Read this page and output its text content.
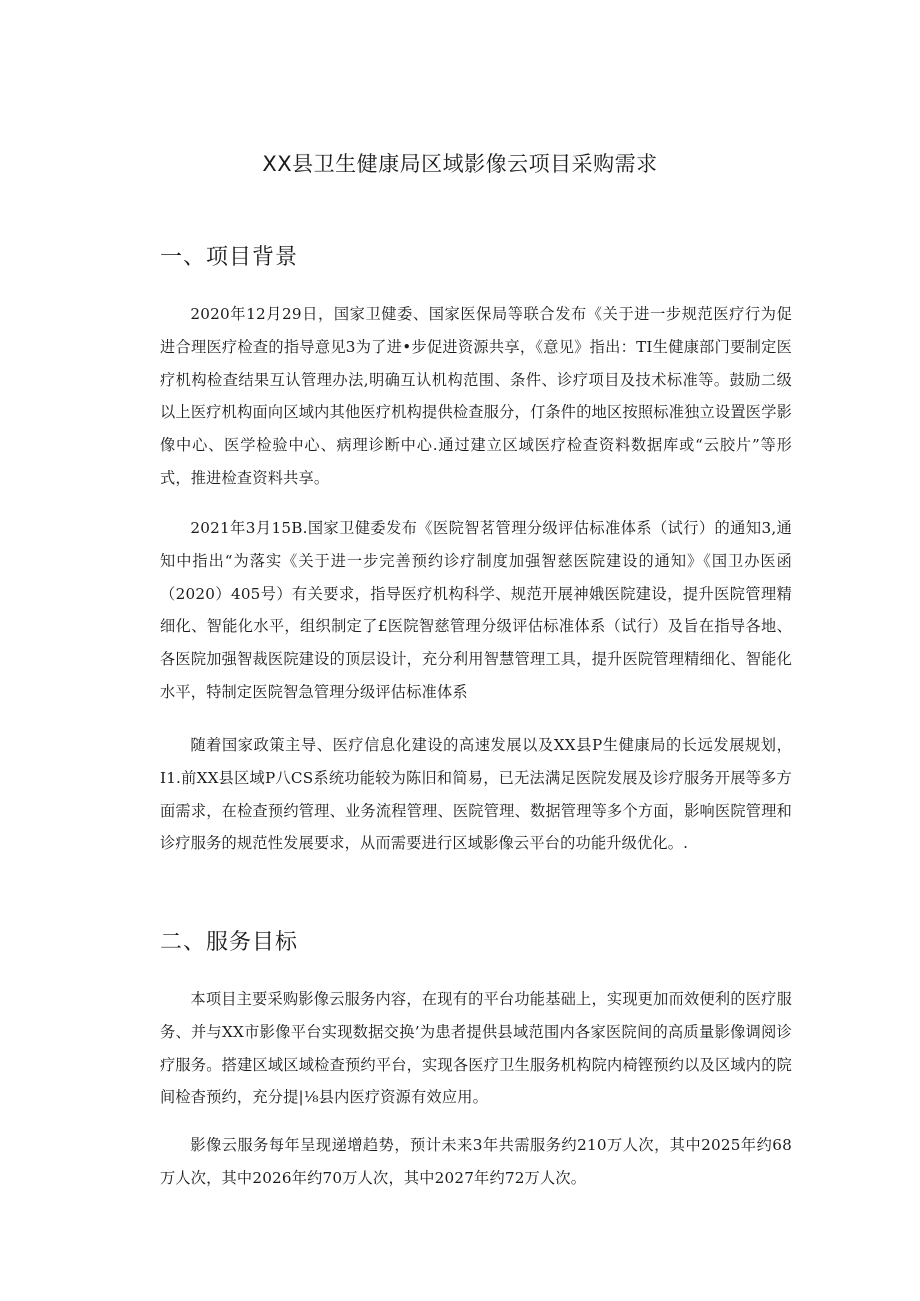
XX县卫生健康局区域影像云项目采购需求
一、项目背景

2020年12月29日，国家卫健委、国家医保局等联合发布《关于进一步规范医疗行为促进合理医疗检查的指导意见3为了进•步促进资源共享，《意见》指出：TI生健康部门要制定医疗机构检查结果互认管理办法,明确互认机构范围、条件、诊疗项目及技术标准等。鼓励二级以上医疗机构面向区域内其他医疗机构提供检查服分，仃条件的地区按照标准独立设置医学影像中心、医学检验中心、病理诊断中心.通过建立区域医疗检查资料数据库或“云胶片”等形式，推进检查资料共享。

2021年3月15B.国家卫健委发布《医院智茗管理分级评估标准体系（试行）的通知3,通知中指出“为落实《关于进一步完善预约诊疗制度加强智慈医院建设的通知》《国卫办医函（2020）405号）有关要求，指导医疗机构科学、规范开展神娥医院建设，提升医院管理精细化、智能化水平，组织制定了£医院智慈管理分级评估标准体系（试行）及旨在指导各地、各医院加强智裁医院建设的顶层设计，充分利用智慧管理工具，提升医院管理精细化、智能化水平，特制定医院智急管理分级评估标准体系

随着国家政策主导、医疗信息化建设的高速发展以及XX县P生健康局的长远发展规划，I1.前XX县区域P八CS系统功能较为陈旧和简易，已无法满足医院发展及诊疗服务开展等多方面需求，在检查预约管理、业务流程管理、医院管理、数据管理等多个方面，影响医院管理和诊疗服务的规范性发展要求，从而需要进行区域影像云平台的功能升级优化。.

二、服务目标

本项目主要采购影像云服务内容，在现有的平台功能基础上，实现更加而效便利的医疗服务、并与XX市影像平台实现数据交换’为患者提供县域范围内各家医院间的高质量影像调阅诊疗服务。搭建区域区域检查预约平台，实现各医疗卫生服务机构院内椅铿预约以及区域内的院间检杳预约，充分提|⅛县内医疗资源有效应用。

影像云服务每年呈现递增趋势，预计未来3年共需服务约210万人次，其中2025年约68万人次，其中2026年约70万人次，其中2027年约72万人次。
